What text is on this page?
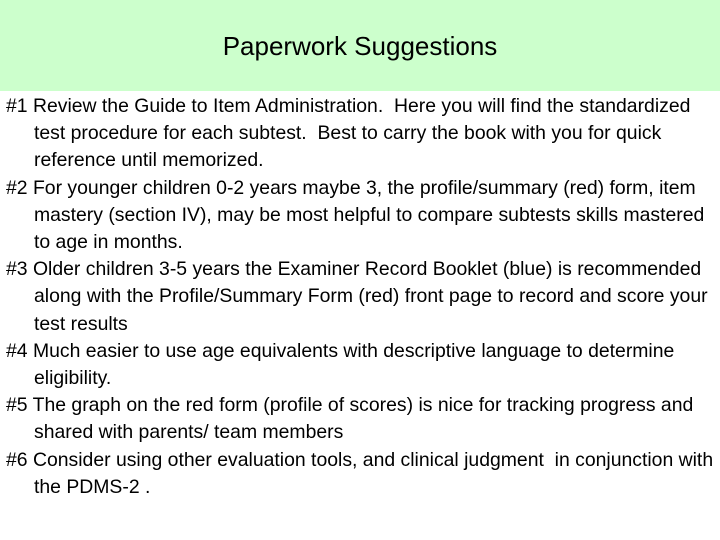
Paperwork Suggestions

#1 Review the Guide to Item Administration.  Here you will find the standardized test procedure for each subtest.  Best to carry the book with you for quick reference until memorized.

#2 For younger children 0-2 years maybe 3, the profile/summary (red) form, item mastery (section IV), may be most helpful to compare subtests skills mastered to age in months.

#3 Older children 3-5 years the Examiner Record Booklet (blue) is recommended along with the Profile/Summary Form (red) front page to record and score your test results

#4 Much easier to use age equivalents with descriptive language to determine eligibility.

#5 The graph on the red form (profile of scores) is nice for tracking progress and shared with parents/ team members

#6 Consider using other evaluation tools, and clinical judgment  in conjunction with the PDMS-2 .
